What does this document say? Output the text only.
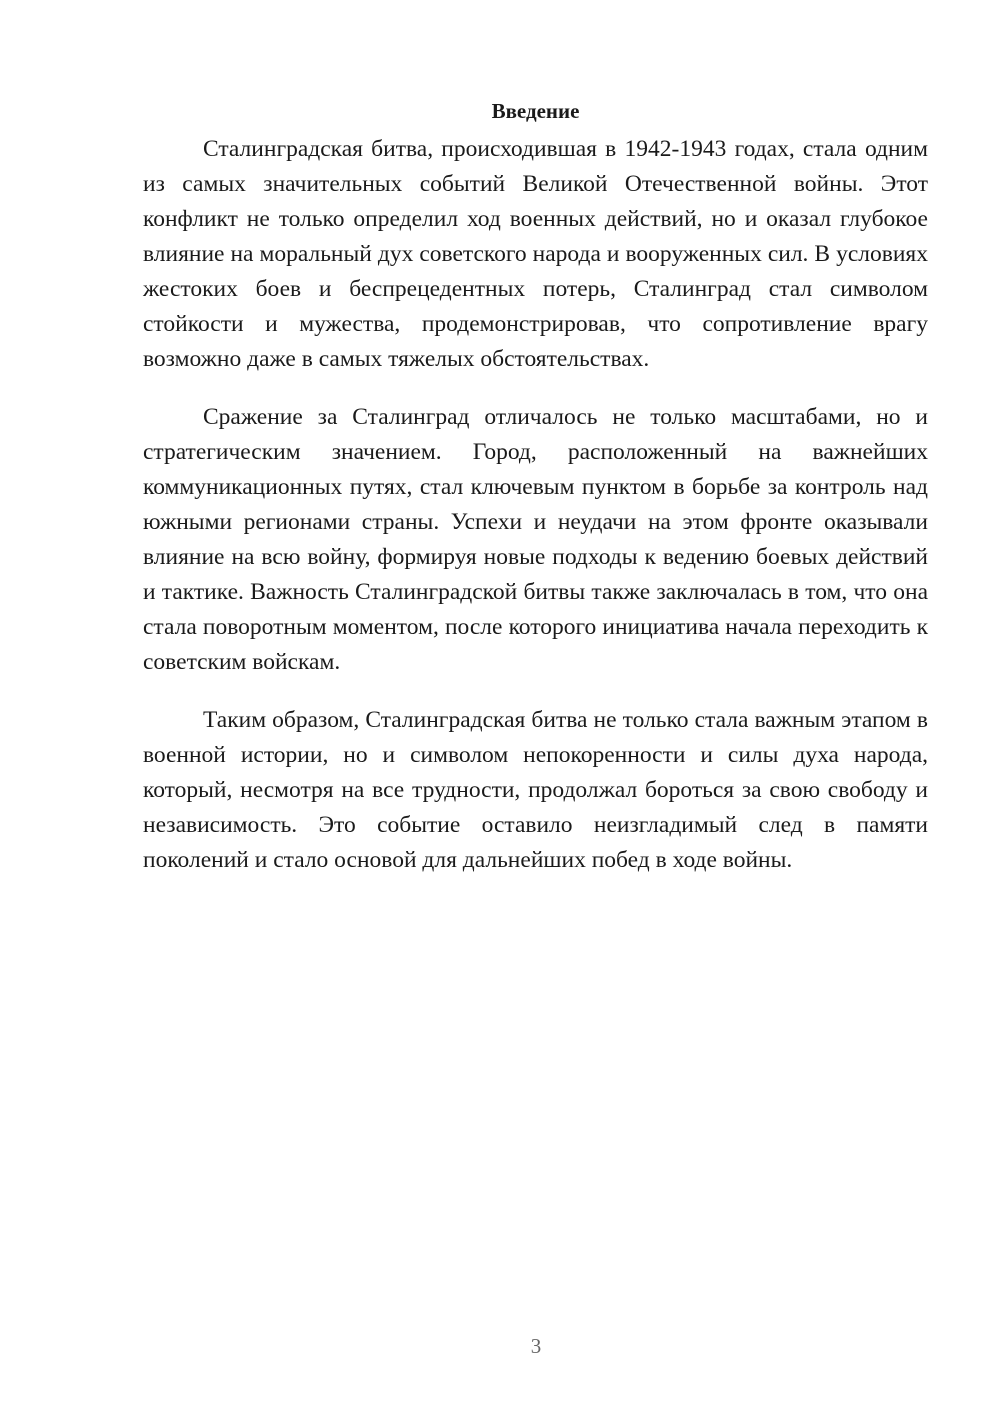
Введение

Сталинградская битва, происходившая в 1942-1943 годах, стала одним из самых значительных событий Великой Отечественной войны. Этот конфликт не только определил ход военных действий, но и оказал глубокое влияние на моральный дух советского народа и вооруженных сил. В условиях жестоких боев и беспрецедентных потерь, Сталинград стал символом стойкости и мужества, продемонстрировав, что сопротивление врагу возможно даже в самых тяжелых обстоятельствах.

Сражение за Сталинград отличалось не только масштабами, но и стратегическим значением. Город, расположенный на важнейших коммуникационных путях, стал ключевым пунктом в борьбе за контроль над южными регионами страны. Успехи и неудачи на этом фронте оказывали влияние на всю войну, формируя новые подходы к ведению боевых действий и тактике. Важность Сталинградской битвы также заключалась в том, что она стала поворотным моментом, после которого инициатива начала переходить к советским войскам.

Таким образом, Сталинградская битва не только стала важным этапом в военной истории, но и символом непокоренности и силы духа народа, который, несмотря на все трудности, продолжал бороться за свою свободу и независимость. Это событие оставило неизгладимый след в памяти поколений и стало основой для дальнейших побед в ходе войны.

3
